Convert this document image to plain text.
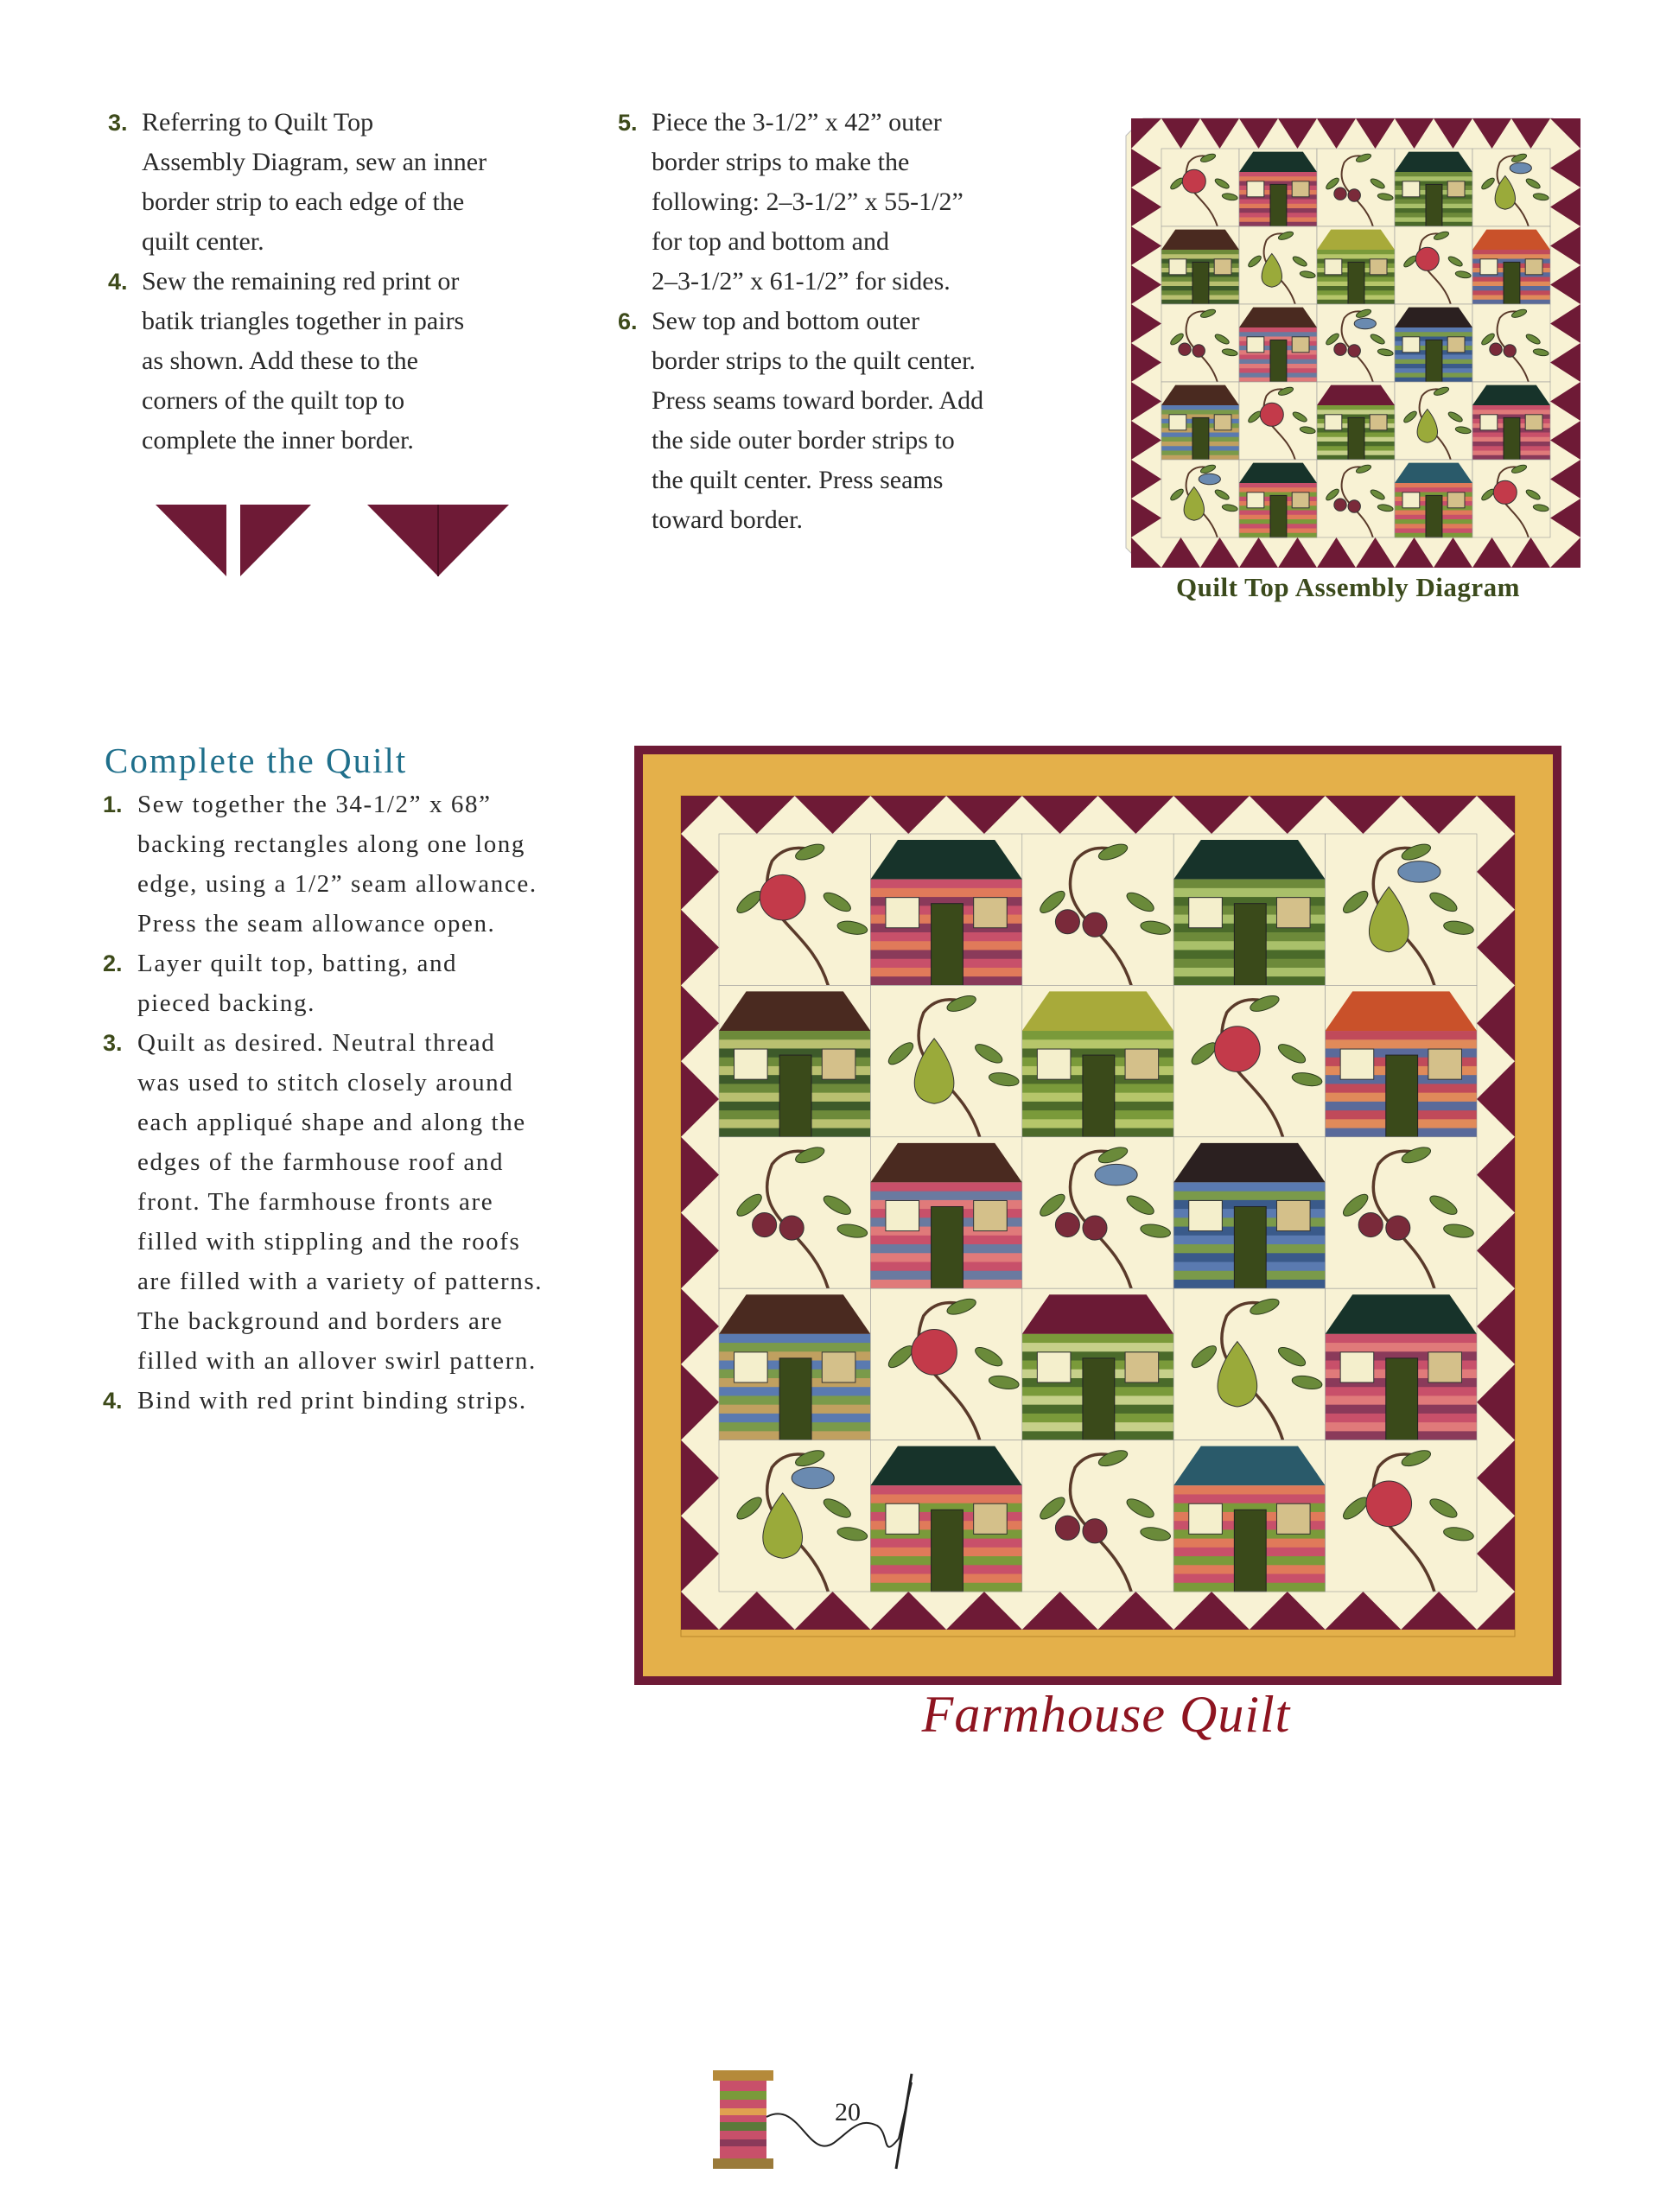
3. Referring to Quilt Top
Assembly Diagram, sew an inner
border strip to each edge of the
quilt center.
4. Sew the remaining red print or
batik triangles together in pairs
as shown. Add these to the
corners of the quilt top to
complete the inner border.
5. Piece the 3-1/2” x 42” outer
border strips to make the
following: 2–3-1/2” x 55-1/2”
for top and bottom and
2–3-1/2” x 61-1/2” for sides.
6. Sew top and bottom outer
border strips to the quilt center.
Press seams toward border. Add
the side outer border strips to
the quilt center. Press seams
toward border.
Quilt Top Assembly Diagram
Complete the Quilt
1. Sew together the 34-1/2” x 68”
backing rectangles along one long
edge, using a 1/2” seam allowance.
Press the seam allowance open.
2. Layer quilt top, batting, and
pieced backing.
3. Quilt as desired. Neutral thread
was used to stitch closely around
each appliqué shape and along the
edges of the farmhouse roof and
front. The farmhouse fronts are
filled with stippling and the roofs
are filled with a variety of patterns.
The background and borders are
filled with an allover swirl pattern.
4. Bind with red print binding strips.
Farmhouse Quilt
20
